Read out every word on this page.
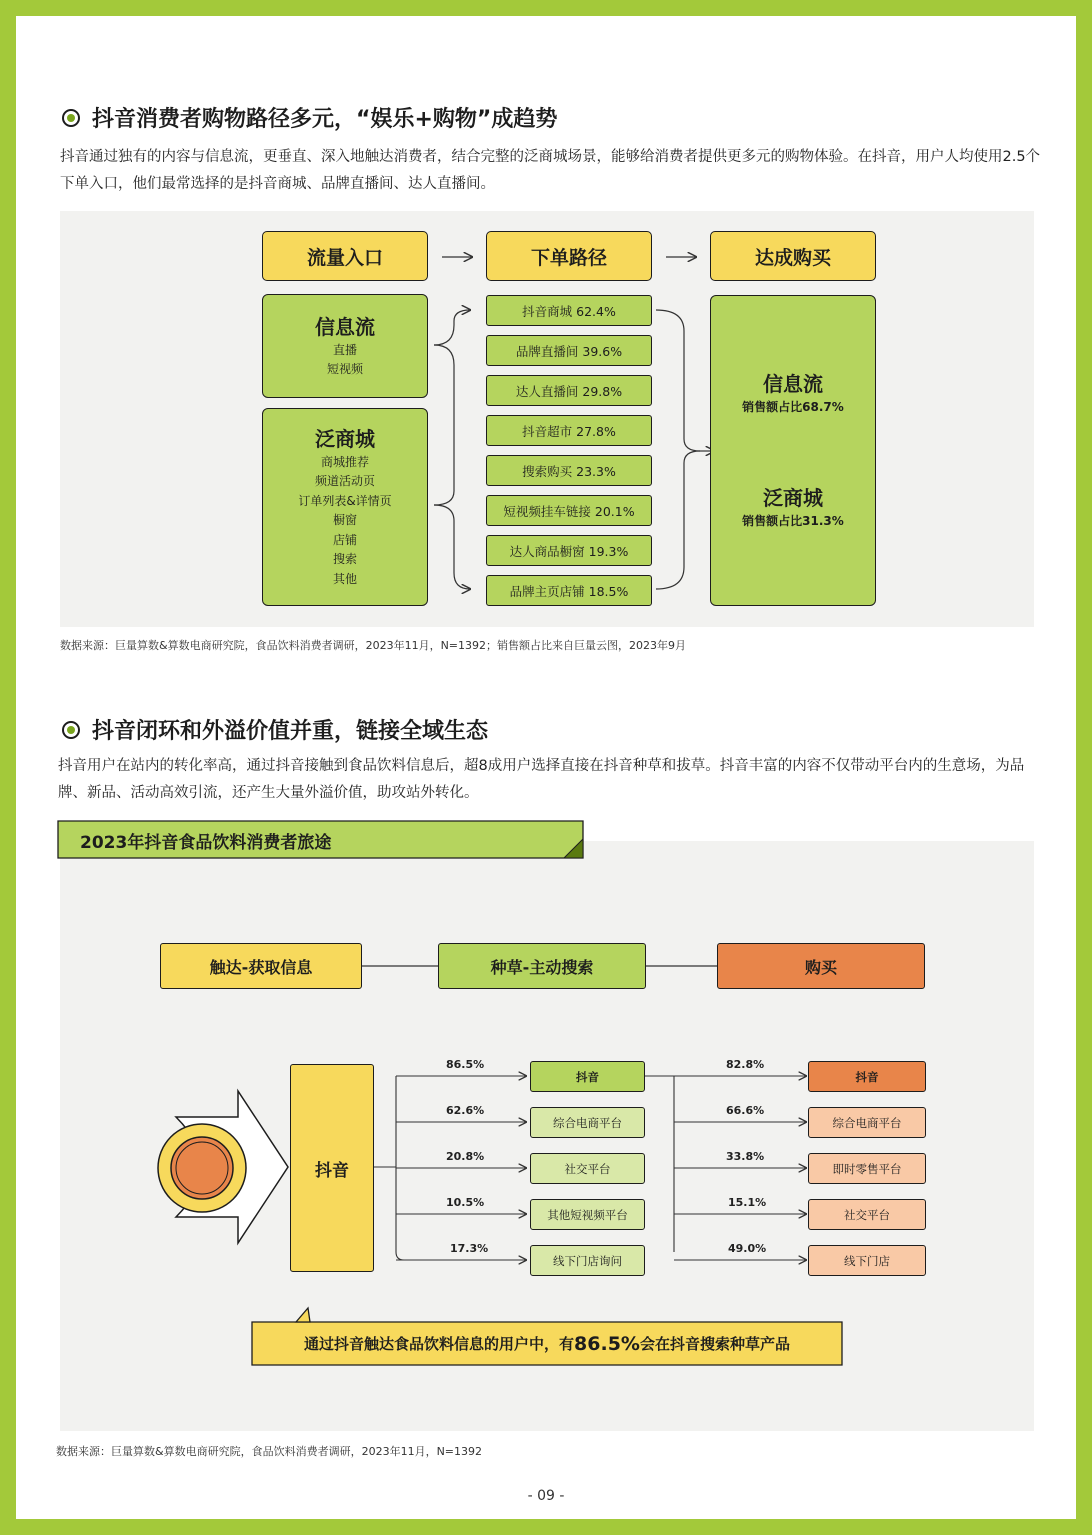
抖音消费者购物路径多元，“娱乐+购物”成趋势
抖音通过独有的内容与信息流，更垂直、深入地触达消费者，结合完整的泛商城场景，能够给消费者提供更多元的购物体验。在抖音，用户人均使用2.5个下单入口，他们最常选择的是抖音商城、品牌直播间、达人直播间。
流量入口	下单路径	达成购买
信息流
直播
短视频
泛商城
商城推荐
频道活动页
订单列表&详情页
橱窗
店铺
搜索
其他
抖音商城 62.4%
品牌直播间 39.6%
达人直播间 29.8%
抖音超市 27.8%
搜索购买 23.3%
短视频挂车链接 20.1%
达人商品橱窗 19.3%
品牌主页店铺 18.5%
信息流
销售额占比68.7%
泛商城
销售额占比31.3%
数据来源：巨量算数&算数电商研究院，食品饮料消费者调研，2023年11月，N=1392；销售额占比来自巨量云图，2023年9月
抖音闭环和外溢价值并重，链接全域生态
抖音用户在站内的转化率高，通过抖音接触到食品饮料信息后，超8成用户选择直接在抖音种草和拔草。抖音丰富的内容不仅带动平台内的生意场，为品牌、新品、活动高效引流，还产生大量外溢价值，助攻站外转化。
2023年抖音食品饮料消费者旅途
触达-获取信息	种草-主动搜索	购买
抖音
86.5%
62.6%
20.8%
10.5%
17.3%
抖音
综合电商平台
社交平台
其他短视频平台
线下门店询问
82.8%
66.6%
33.8%
15.1%
49.0%
抖音
综合电商平台
即时零售平台
社交平台
线下门店
通过抖音触达食品饮料信息的用户中，有 86.5% 会在抖音搜索种草产品
数据来源：巨量算数&算数电商研究院，食品饮料消费者调研，2023年11月，N=1392
- 09 -
